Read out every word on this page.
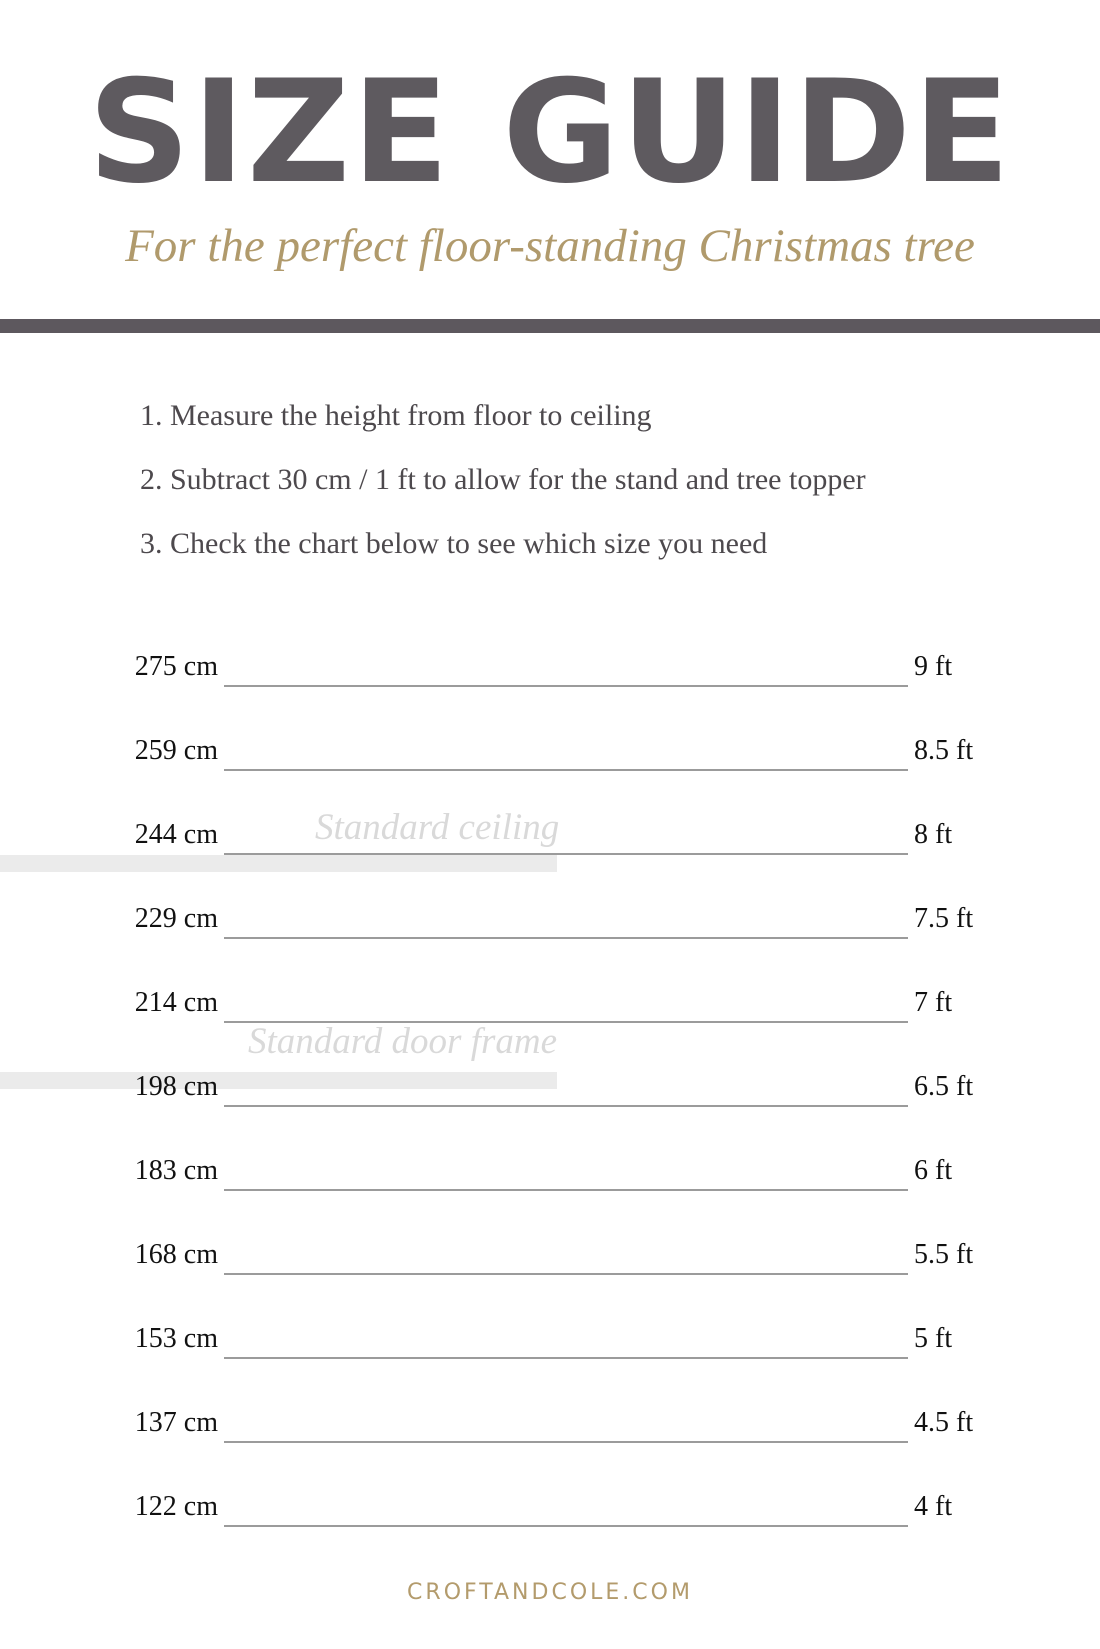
SIZE GUIDE
For the perfect floor-standing Christmas tree
1. Measure the height from floor to ceiling
2. Subtract 30 cm / 1 ft to allow for the stand and tree topper
3. Check the chart below to see which size you need
Standard ceiling
Standard door frame
275 cm	9 ft
259 cm	8.5 ft
244 cm	8 ft
229 cm	7.5 ft
214 cm	7 ft
198 cm	6.5 ft
183 cm	6 ft
168 cm	5.5 ft
153 cm	5 ft
137 cm	4.5 ft
122 cm	4 ft
CROFTANDCOLE.COM
